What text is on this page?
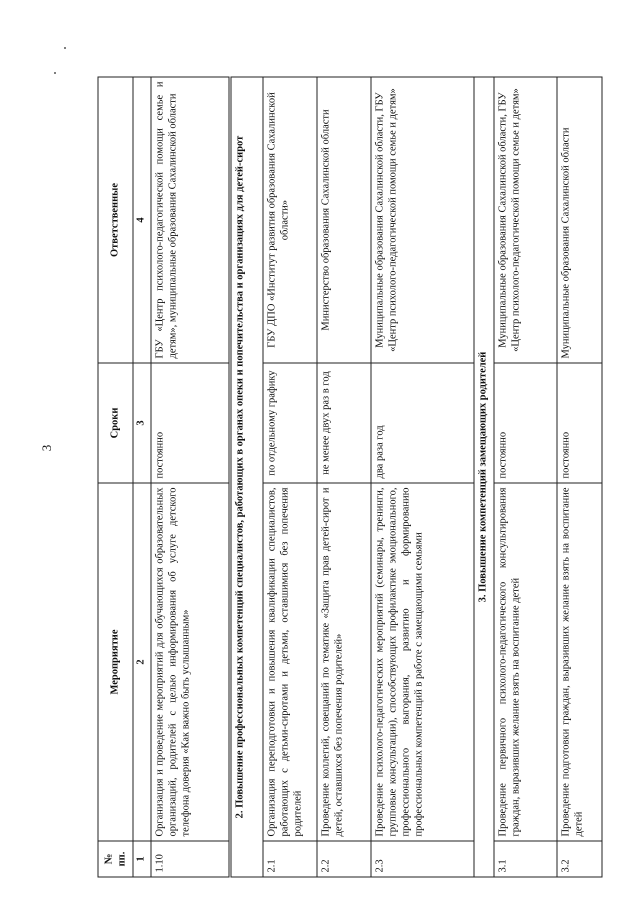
3
№ пп.	Мероприятие	Сроки	Ответственные
1	2	3	4
1.10	Организация и проведение мероприятий для обучающихся образовательных организаций, родителей с целью информирования об услуге детского телефона доверия «Как важно быть услышанным»	постоянно	ГБУ «Центр психолого-педагогической помощи семье и детям», муниципальные образования Сахалинской области
2. Повышение профессиональных компетенций специалистов, работающих в органах опеки и попечительства и организациях для детей-сирот			
2.1	Организация переподготовки и повышения квалификации специалистов, работающих с детьми-сиротами и детьми, оставшимися без попечения родителей	по отдельному графику	ГБУ ДПО «Институт развития образования Сахалинской области»
2.2	Проведение коллегий, совещаний по тематике «Защита прав детей-сирот и детей, оставшихся без попечения родителей»	не менее двух раз в год	Министерство образования Сахалинской области
2.3	Проведение психолого-педагогических мероприятий (семинары, тренинги, групповые консультации), способствующих профилактике эмоционального, профессионального выгорания, развитию и формированию профессиональных компетенций в работе с замещающими семьями	два раза год	Муниципальные образования Сахалинской области, ГБУ «Центр психолого-педагогической помощи семье и детям»
3. Повышение компетенций замещающих родителей			
3.1	Проведение первичного психолого-педагогического консультирования граждан, выразивших желание взять на воспитание детей	постоянно	Муниципальные образования Сахалинской области, ГБУ «Центр психолого-педагогической помощи семье и детям»
3.2	Проведение подготовки граждан, выразивших желание взять на воспитание детей	постоянно	Муниципальные образования Сахалинской области
